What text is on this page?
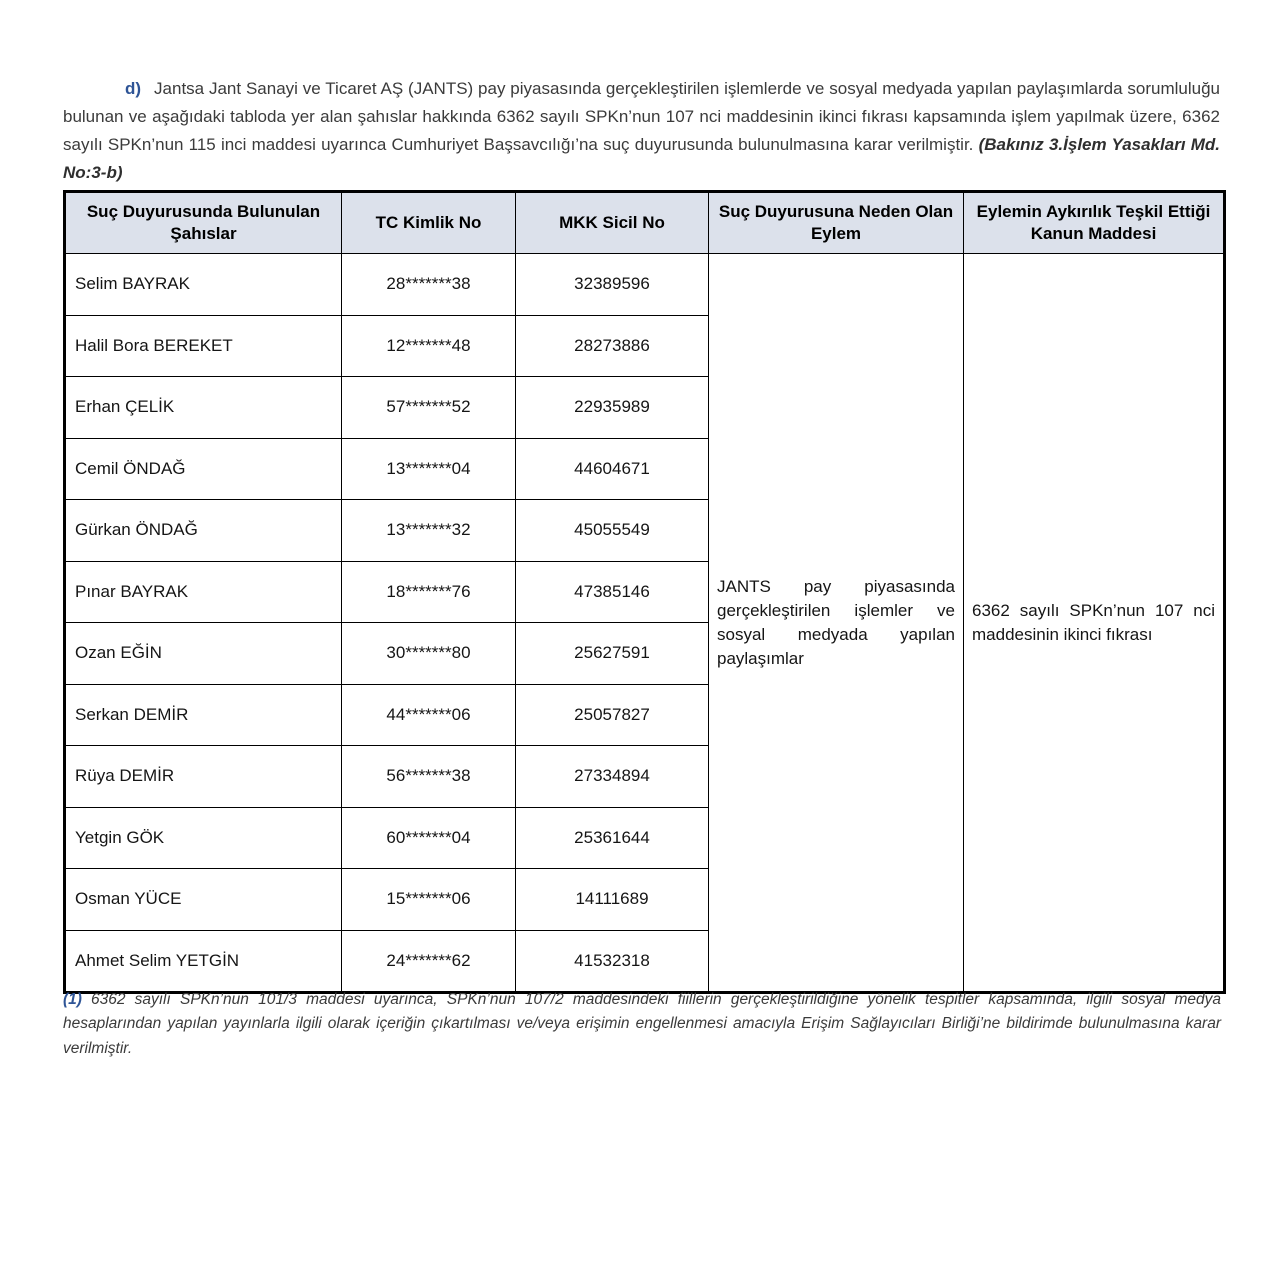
d) Jantsa Jant Sanayi ve Ticaret AŞ (JANTS) pay piyasasında gerçekleştirilen işlemlerde ve sosyal medyada yapılan paylaşımlarda sorumluluğu bulunan ve aşağıdaki tabloda yer alan şahıslar hakkında 6362 sayılı SPKn’nun 107 nci maddesinin ikinci fıkrası kapsamında işlem yapılmak üzere, 6362 sayılı SPKn’nun 115 inci maddesi uyarınca Cumhuriyet Başsavcılığı’na suç duyurusunda bulunulmasına karar verilmiştir. (Bakınız 3.İşlem Yasakları Md. No:3-b)

Suç Duyurusunda Bulunulan Şahıslar	TC Kimlik No	MKK Sicil No	Suç Duyurusuna Neden Olan Eylem	Eylemin Aykırılık Teşkil Ettiği Kanun Maddesi
Selim BAYRAK	28*******38	32389596	JANTS pay piyasasında gerçekleştirilen işlemler ve sosyal medyada yapılan paylaşımlar	6362 sayılı SPKn’nun 107 nci maddesinin ikinci fıkrası
Halil Bora BEREKET	12*******48	28273886		
Erhan ÇELİK	57*******52	22935989		
Cemil ÖNDAĞ	13*******04	44604671		
Gürkan ÖNDAĞ	13*******32	45055549		
Pınar BAYRAK	18*******76	47385146		
Ozan EĞİN	30*******80	25627591		
Serkan DEMİR	44*******06	25057827		
Rüya DEMİR	56*******38	27334894		
Yetgin GÖK	60*******04	25361644		
Osman YÜCE	15*******06	14111689		
Ahmet Selim YETGİN	24*******62	41532318		

(1) 6362 sayılı SPKn’nun 101/3 maddesi uyarınca, SPKn’nun 107/2 maddesindeki fiillerin gerçekleştirildiğine yönelik tespitler kapsamında, ilgili sosyal medya hesaplarından yapılan yayınlarla ilgili olarak içeriğin çıkartılması ve/veya erişimin engellenmesi amacıyla Erişim Sağlayıcıları Birliği’ne bildirimde bulunulmasına karar verilmiştir.
